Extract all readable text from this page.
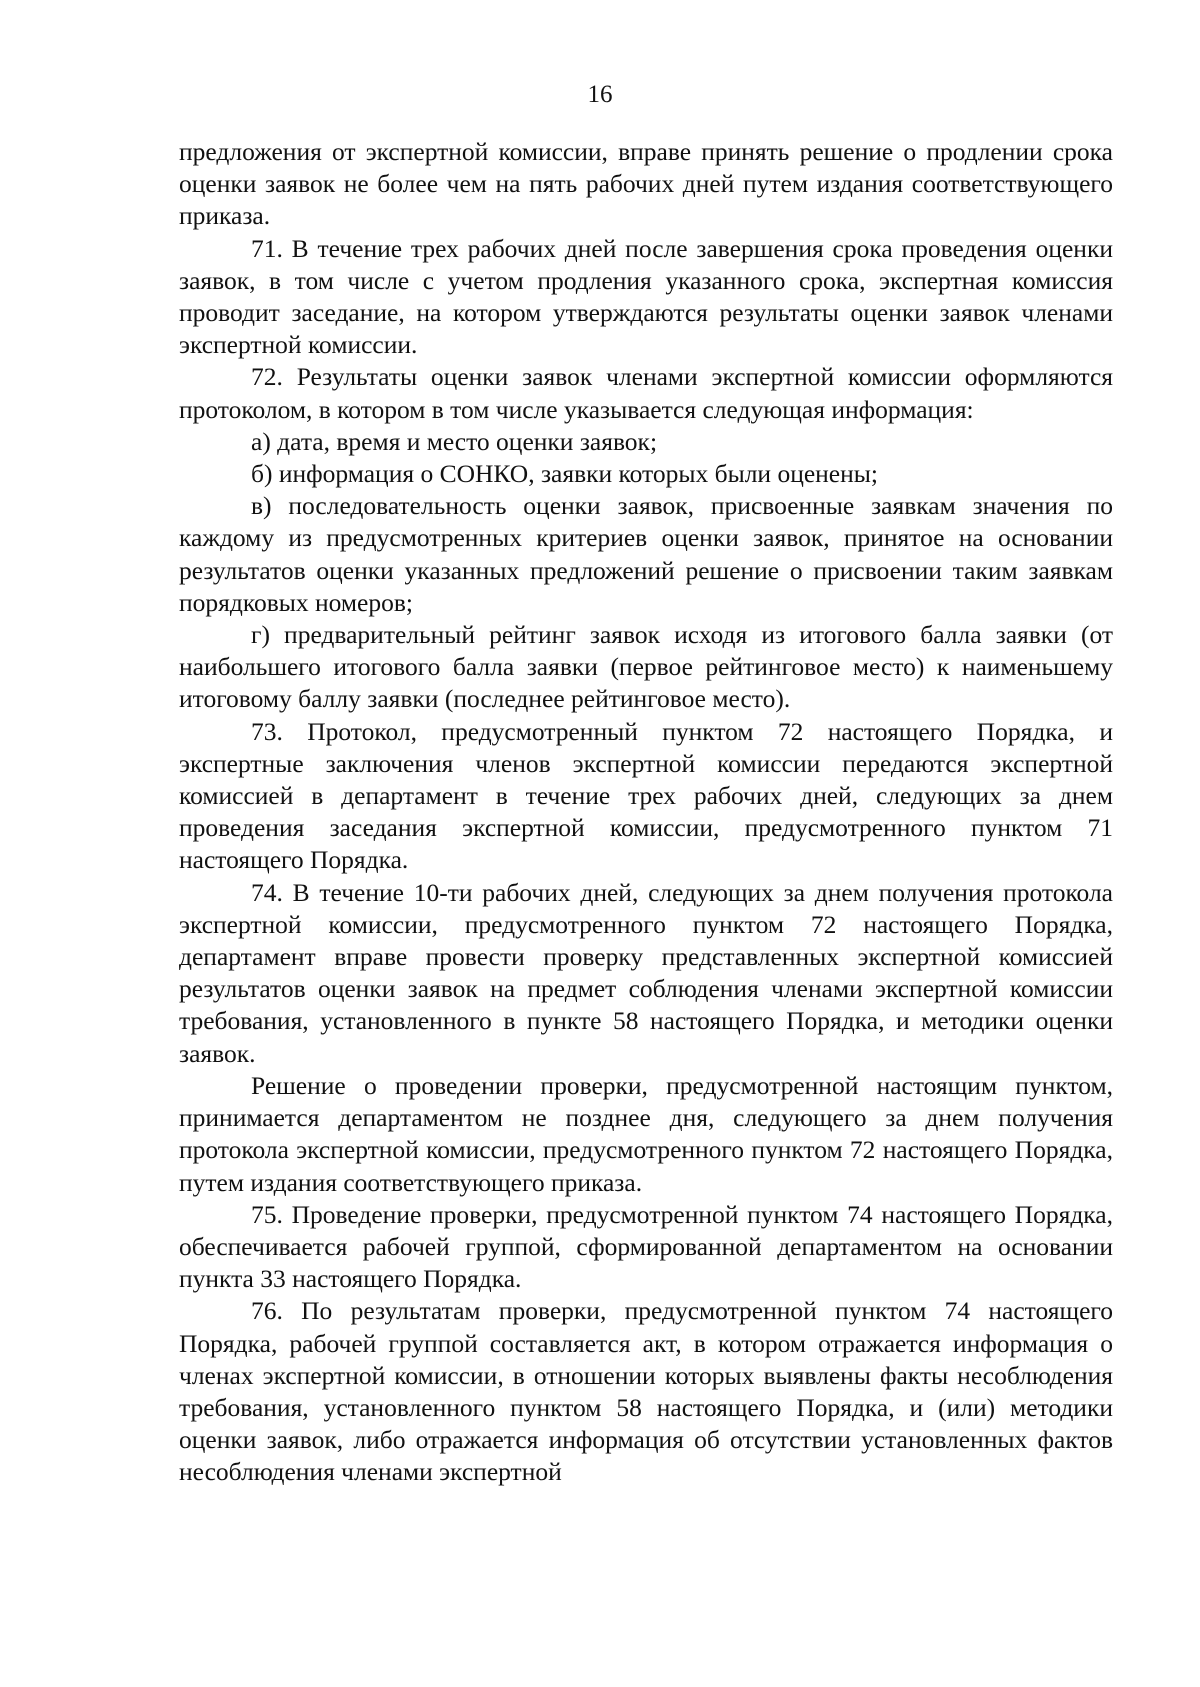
16

предложения от экспертной комиссии, вправе принять решение о продлении срока оценки заявок не более чем на пять рабочих дней путем издания соответствующего приказа.

71. В течение трех рабочих дней после завершения срока проведения оценки заявок, в том числе с учетом продления указанного срока, экспертная комиссия проводит заседание, на котором утверждаются результаты оценки заявок членами экспертной комиссии.

72. Результаты оценки заявок членами экспертной комиссии оформляются протоколом, в котором в том числе указывается следующая информация:

а) дата, время и место оценки заявок;

б) информация о СОНКО, заявки которых были оценены;

в) последовательность оценки заявок, присвоенные заявкам значения по каждому из предусмотренных критериев оценки заявок, принятое на основании результатов оценки указанных предложений решение о присвоении таким заявкам порядковых номеров;

г) предварительный рейтинг заявок исходя из итогового балла заявки (от наибольшего итогового балла заявки (первое рейтинговое место) к наименьшему итоговому баллу заявки (последнее рейтинговое место).

73. Протокол, предусмотренный пунктом 72 настоящего Порядка, и экспертные заключения членов экспертной комиссии передаются экспертной комиссией в департамент в течение трех рабочих дней, следующих за днем проведения заседания экспертной комиссии, предусмотренного пунктом 71 настоящего Порядка.

74. В течение 10-ти рабочих дней, следующих за днем получения протокола экспертной комиссии, предусмотренного пунктом 72 настоящего Порядка, департамент вправе провести проверку представленных экспертной комиссией результатов оценки заявок на предмет соблюдения членами экспертной комиссии требования, установленного в пункте 58 настоящего Порядка, и методики оценки заявок.

Решение о проведении проверки, предусмотренной настоящим пунктом, принимается департаментом не позднее дня, следующего за днем получения протокола экспертной комиссии, предусмотренного пунктом 72 настоящего Порядка, путем издания соответствующего приказа.

75. Проведение проверки, предусмотренной пунктом 74 настоящего Порядка, обеспечивается рабочей группой, сформированной департаментом на основании пункта 33 настоящего Порядка.

76. По результатам проверки, предусмотренной пунктом 74 настоящего Порядка, рабочей группой составляется акт, в котором отражается информация о членах экспертной комиссии, в отношении которых выявлены факты несоблюдения требования, установленного пунктом 58 настоящего Порядка, и (или) методики оценки заявок, либо отражается информация об отсутствии установленных фактов несоблюдения членами экспертной
